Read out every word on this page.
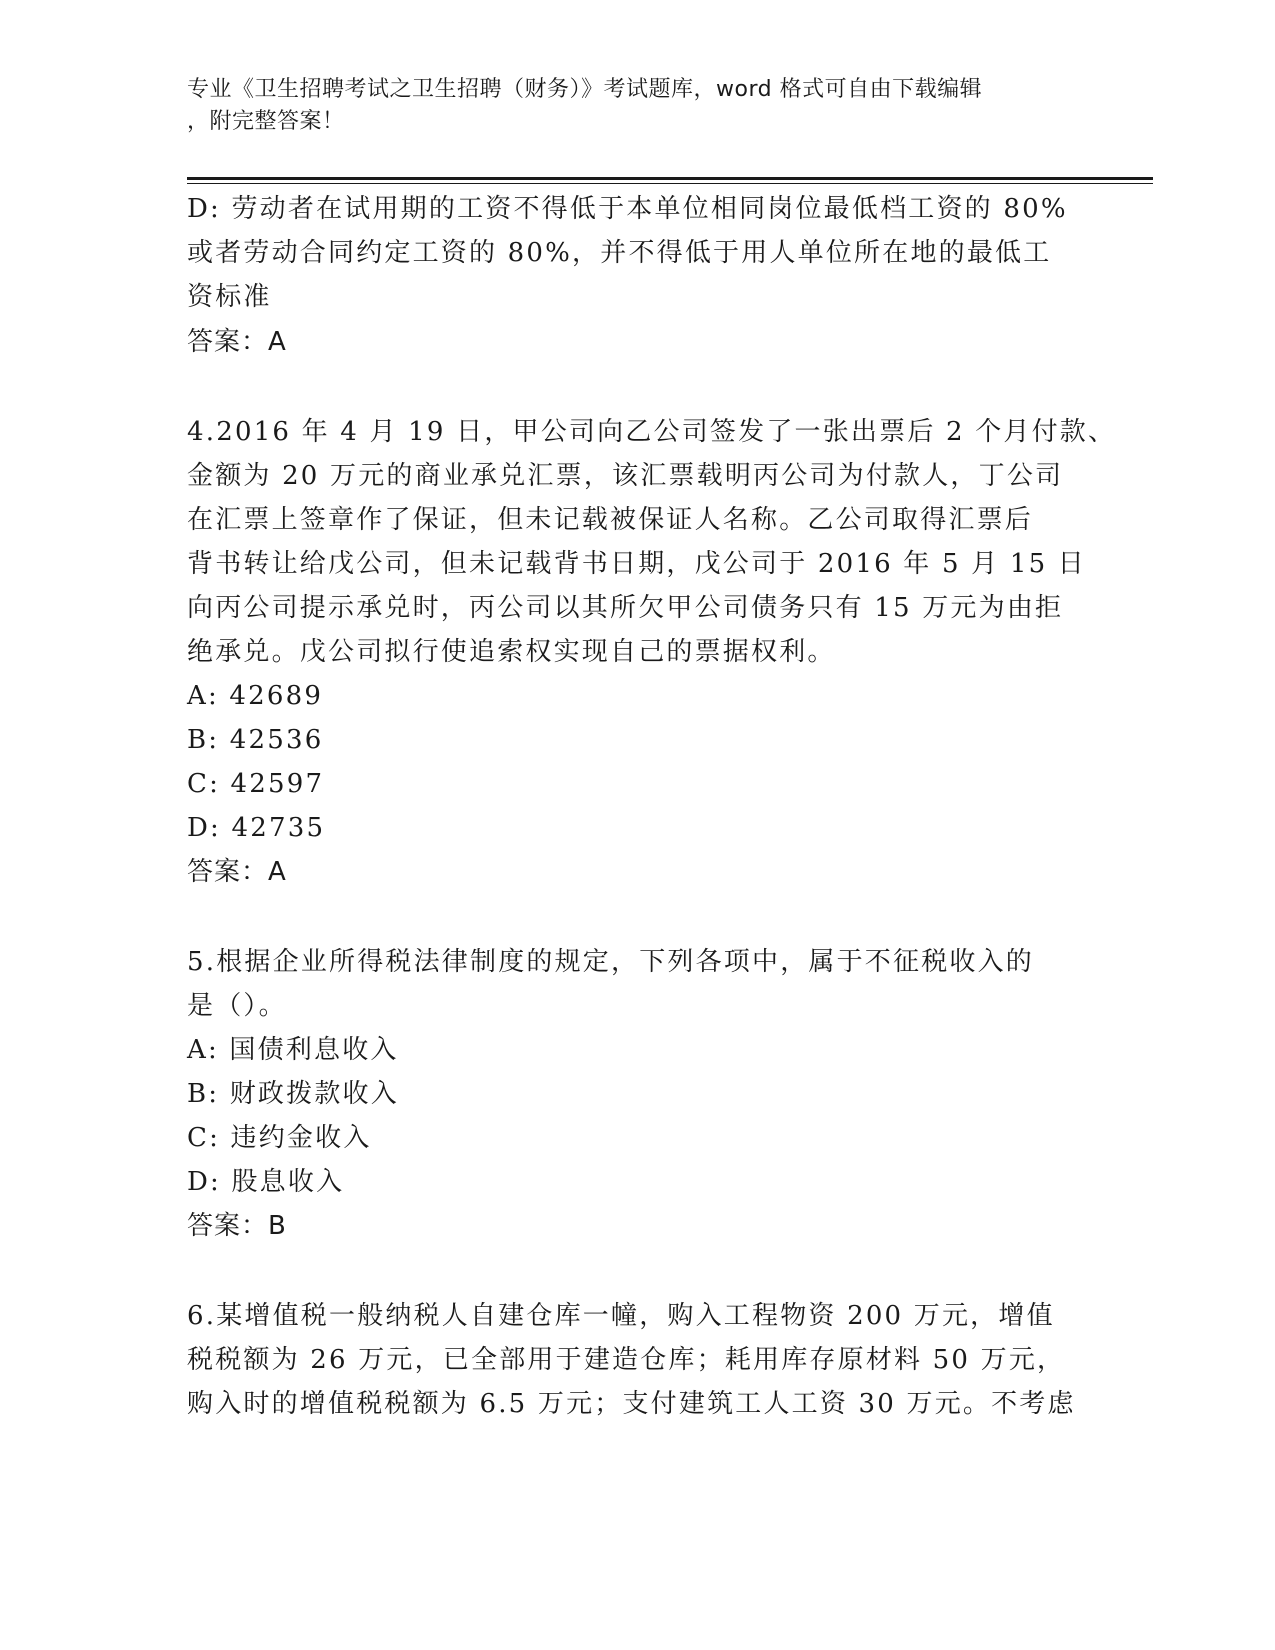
专业《卫生招聘考试之卫生招聘（财务）》考试题库，word 格式可自由下载编辑
，附完整答案！
D: 劳动者在试用期的工资不得低于本单位相同岗位最低档工资的 80%
或者劳动合同约定工资的 80%，并不得低于用人单位所在地的最低工
资标准
答案：A
4.2016 年 4 月 19 日，甲公司向乙公司签发了一张出票后 2 个月付款、
金额为 20 万元的商业承兑汇票，该汇票载明丙公司为付款人，丁公司
在汇票上签章作了保证，但未记载被保证人名称。乙公司取得汇票后
背书转让给戊公司，但未记载背书日期，戊公司于 2016 年 5 月 15 日
向丙公司提示承兑时，丙公司以其所欠甲公司债务只有 15 万元为由拒
绝承兑。戊公司拟行使追索权实现自己的票据权利。
A: 42689
B: 42536
C: 42597
D: 42735
答案：A
5.根据企业所得税法律制度的规定，下列各项中，属于不征税收入的
是（）。
A: 国债利息收入
B: 财政拨款收入
C: 违约金收入
D: 股息收入
答案：B
6.某增值税一般纳税人自建仓库一幢，购入工程物资 200 万元，增值
税税额为 26 万元，已全部用于建造仓库；耗用库存原材料 50 万元，
购入时的增值税税额为 6.5 万元；支付建筑工人工资 30 万元。不考虑
